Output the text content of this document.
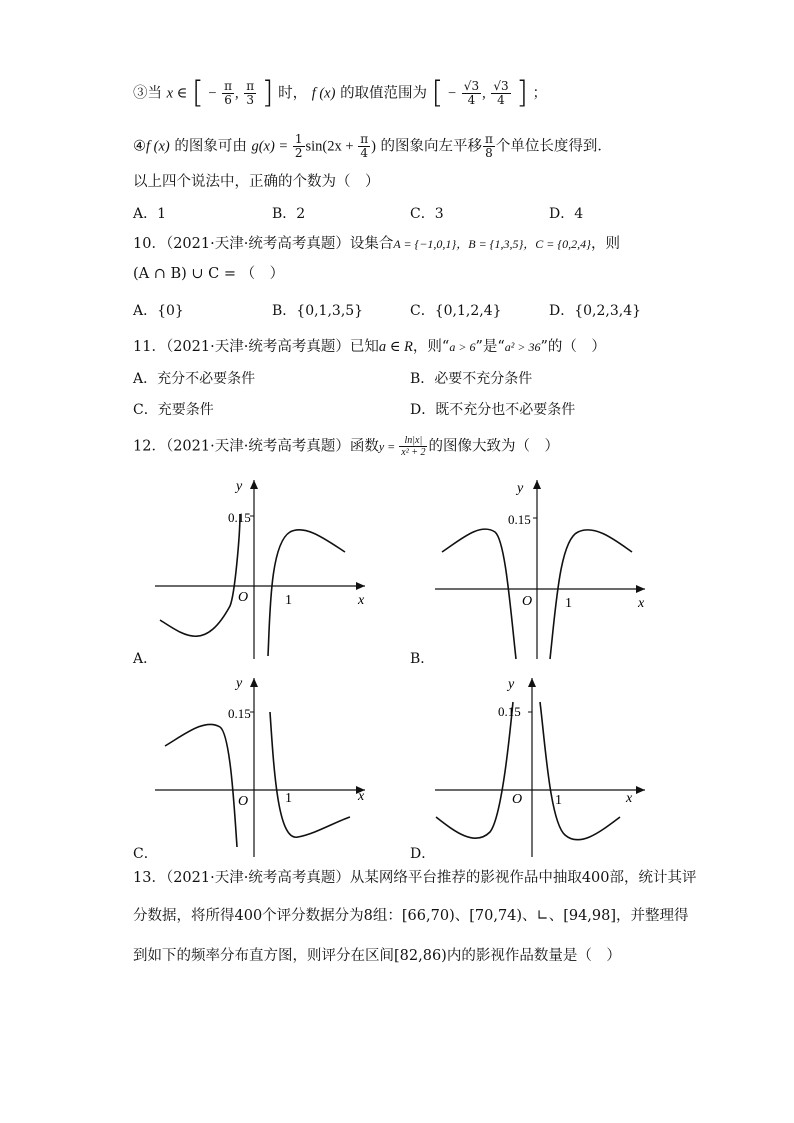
③当 x ∈ [ − $\frac{\pi}{6}$ , $\frac{\pi}{3}$ ] 时， f (x) 的取值范围为 [ − $\frac{√3}{4}$ , $\frac{√3}{4}$ ] ；
④f (x) 的图象可由 $g(x) = \frac{1}{2} \sin(2x + \frac{\pi}{4}$ ) 的图象向左平移 $\frac{\pi}{8}$ 个单位长度得到．
以上四个说法中，正确的个数为（　）
A．1	B．2	C．3	D．4
10．（2021·天津·统考高考真题）设集合A = {−1,0,1}，B = {1,3,5}，C = {0,2,4}，则
(A ∩ B) ∪ C = （　）
A．{0}	B．{0,1,3,5}	C．{0,1,2,4}	D．{0,2,3,4}
11．（2021·天津·统考高考真题）已知a ∈ R，则“a > 6”是“a² > 36”的（　）
A．充分不必要条件	B．必要不充分条件
C．充要条件	D．既不充分也不必要条件
12．（2021·天津·统考高考真题）函数$y = \frac{\ln|x|}{\text{x² + 2}}$ 的图像大致为（　）
0.15
O	1
y
x
A．
0.15
O 1
y
x
B．
0.15
O	1
y
x
C．
0.15
O 1
y
x
D．
13．（2021·天津·统考高考真题）从某网络平台推荐的影视作品中抽取400部，统计其评
分数据，将所得400个评分数据分为8组：[66,70)、[70,74)、∟、[94,98]，并整理得
到如下的频率分布直方图，则评分在区间[82,86)内的影视作品数量是（　）
